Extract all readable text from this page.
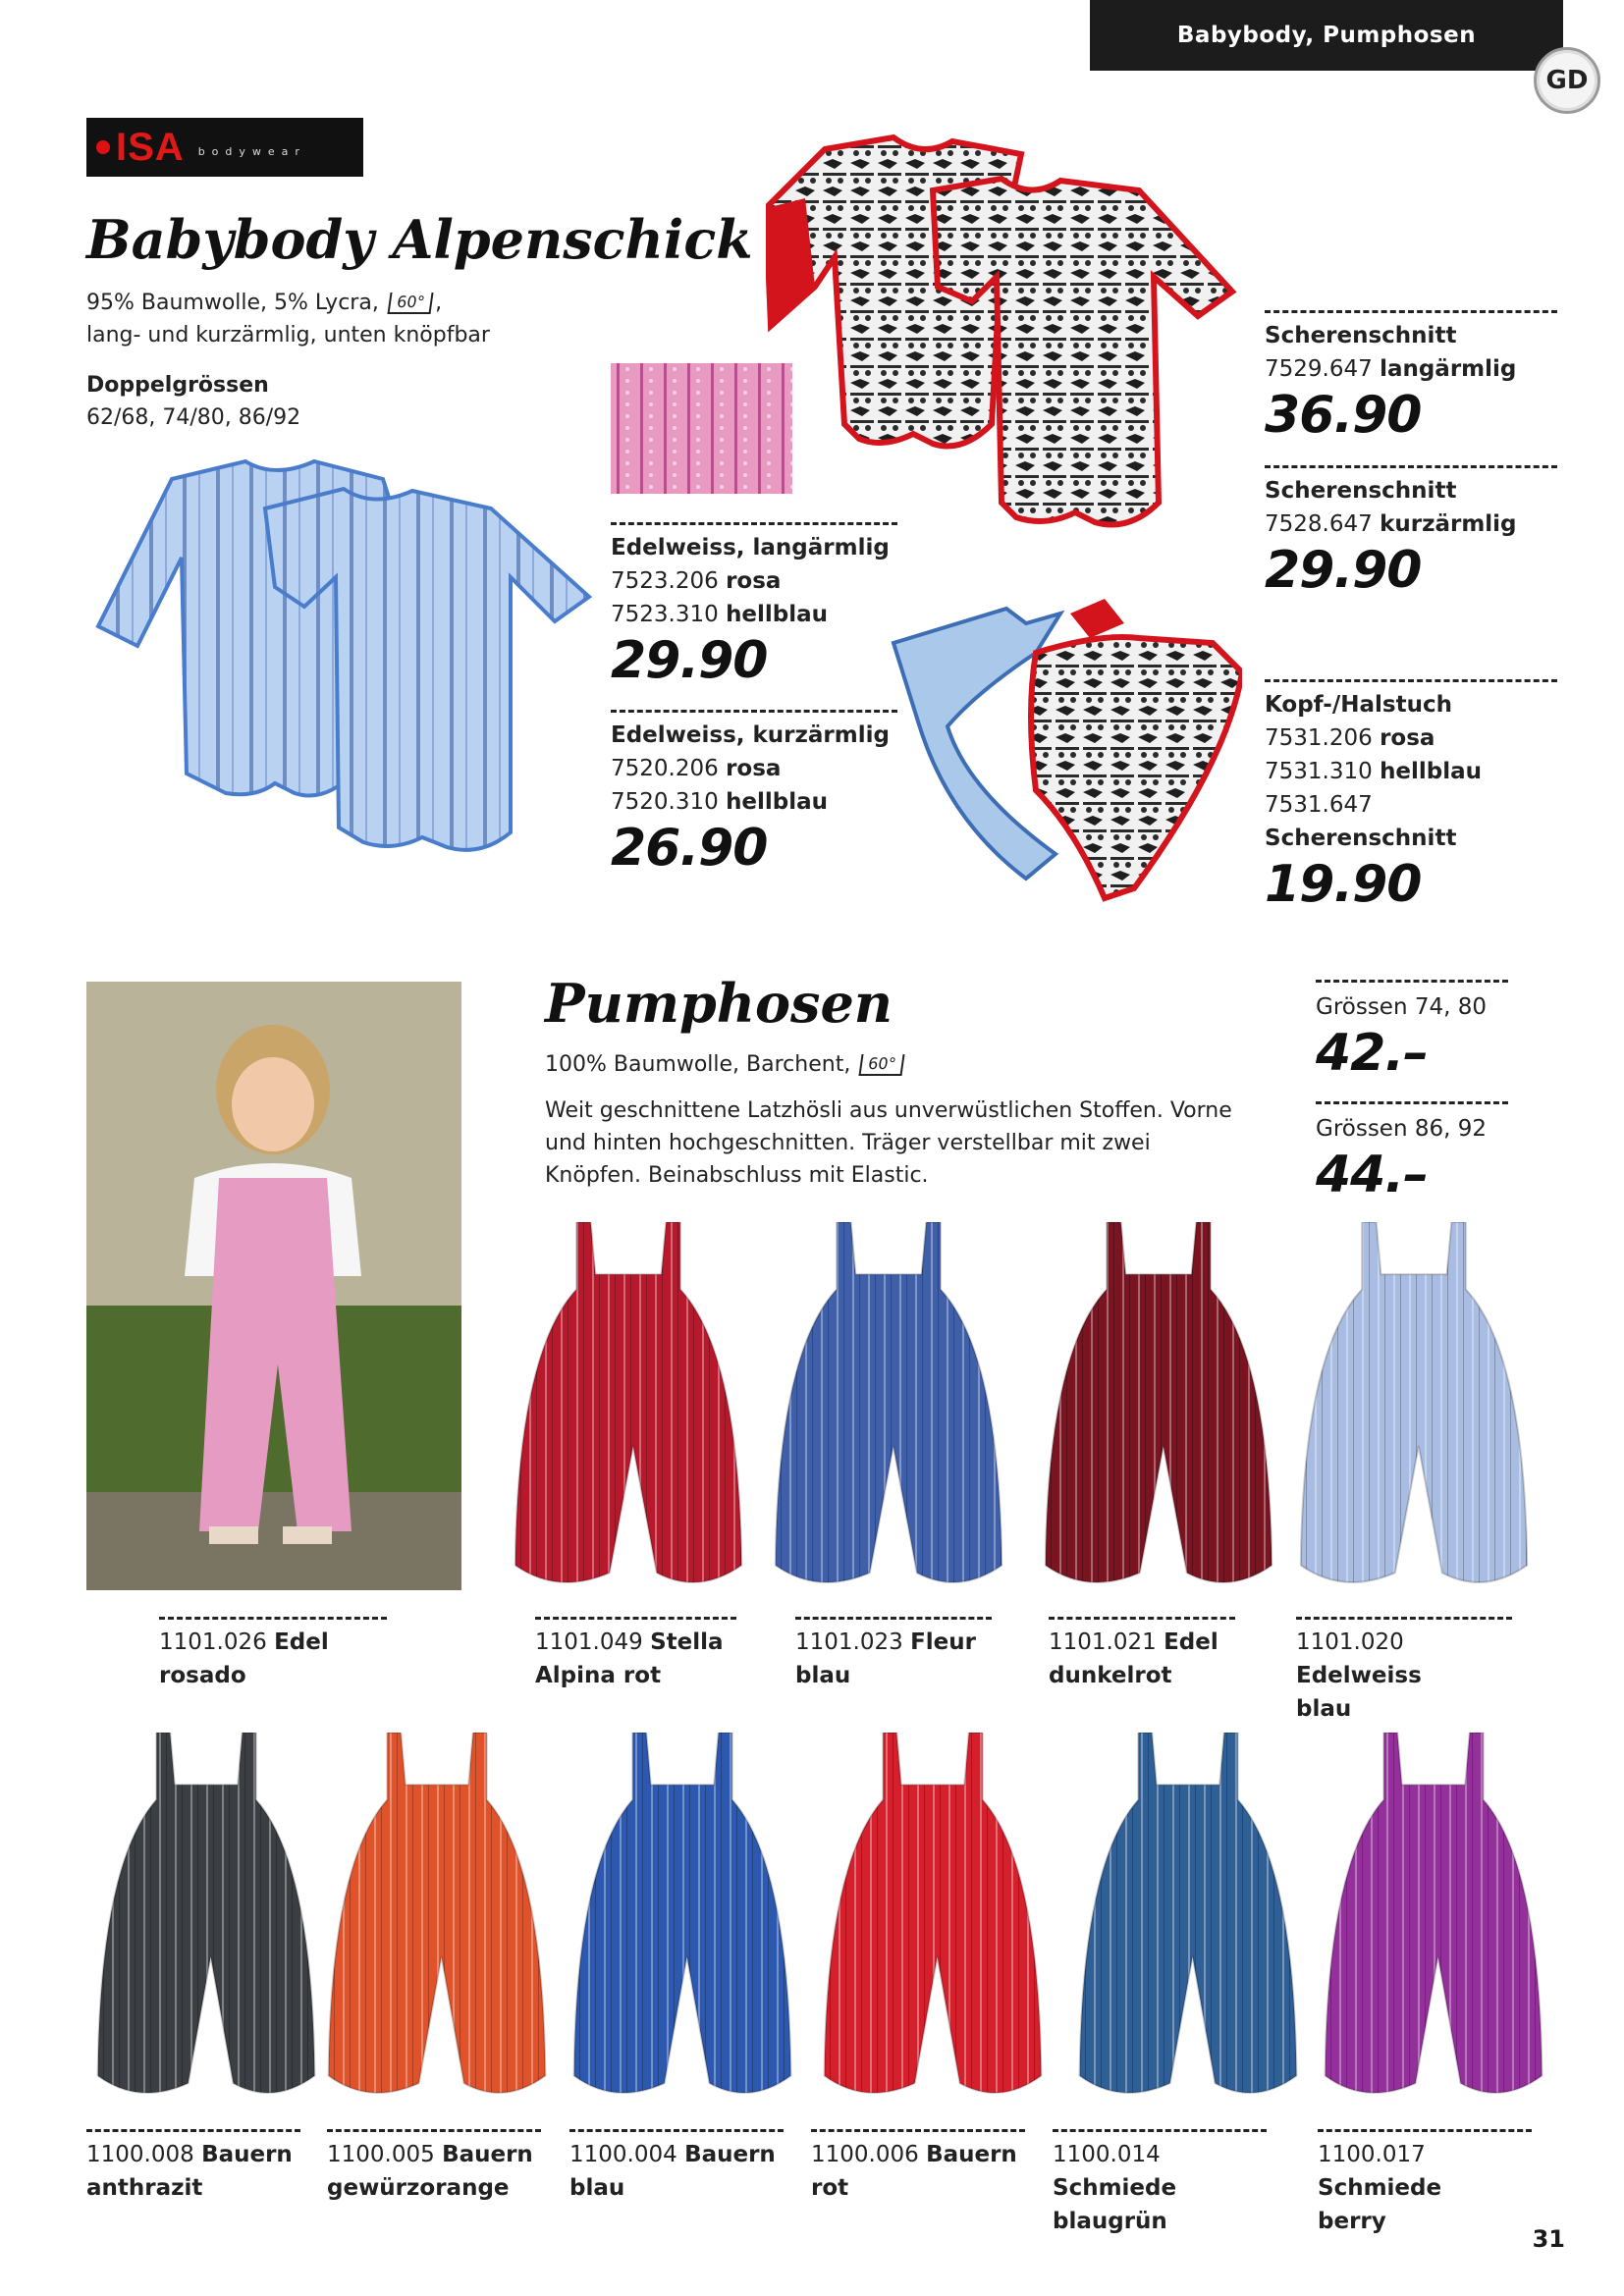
Babybody, Pumphosen
GD
ISA bodywear
Babybody Alpenschick
95% Baumwolle, 5% Lycra, 60° ,
lang- und kurzärmlig, unten knöpfbar
Doppelgrössen
62/68, 74/80, 86/92
Edelweiss, langärmlig
7523.206 rosa
7523.310 hellblau
29.90
Edelweiss, kurzärmlig
7520.206 rosa
7520.310 hellblau
26.90
Scherenschnitt
7529.647 langärmlig
36.90
Scherenschnitt
7528.647 kurzärmlig
29.90
Kopf-/Halstuch
7531.206 rosa
7531.310 hellblau
7531.647 Scherenschnitt
19.90
Pumphosen
100% Baumwolle, Barchent, 60°
Weit geschnittene Latzhösli aus unverwüstlichen Stoffen. Vorne und hinten hochgeschnitten. Träger verstellbar mit zwei Knöpfen. Beinabschluss mit Elastic.
Grössen 74, 80
42.–
Grössen 86, 92
44.–
1101.026 Edel
rosado
1101.049 Stella
Alpina rot
1101.023 Fleur
blau
1101.021 Edel
dunkelrot
1101.020 Edelweiss
blau
1100.008 Bauern
anthrazit
1100.005 Bauern
gewürzorange
1100.004 Bauern
blau
1100.006 Bauern
rot
1100.014 Schmiede
blaugrün
1100.017 Schmiede
berry
31
